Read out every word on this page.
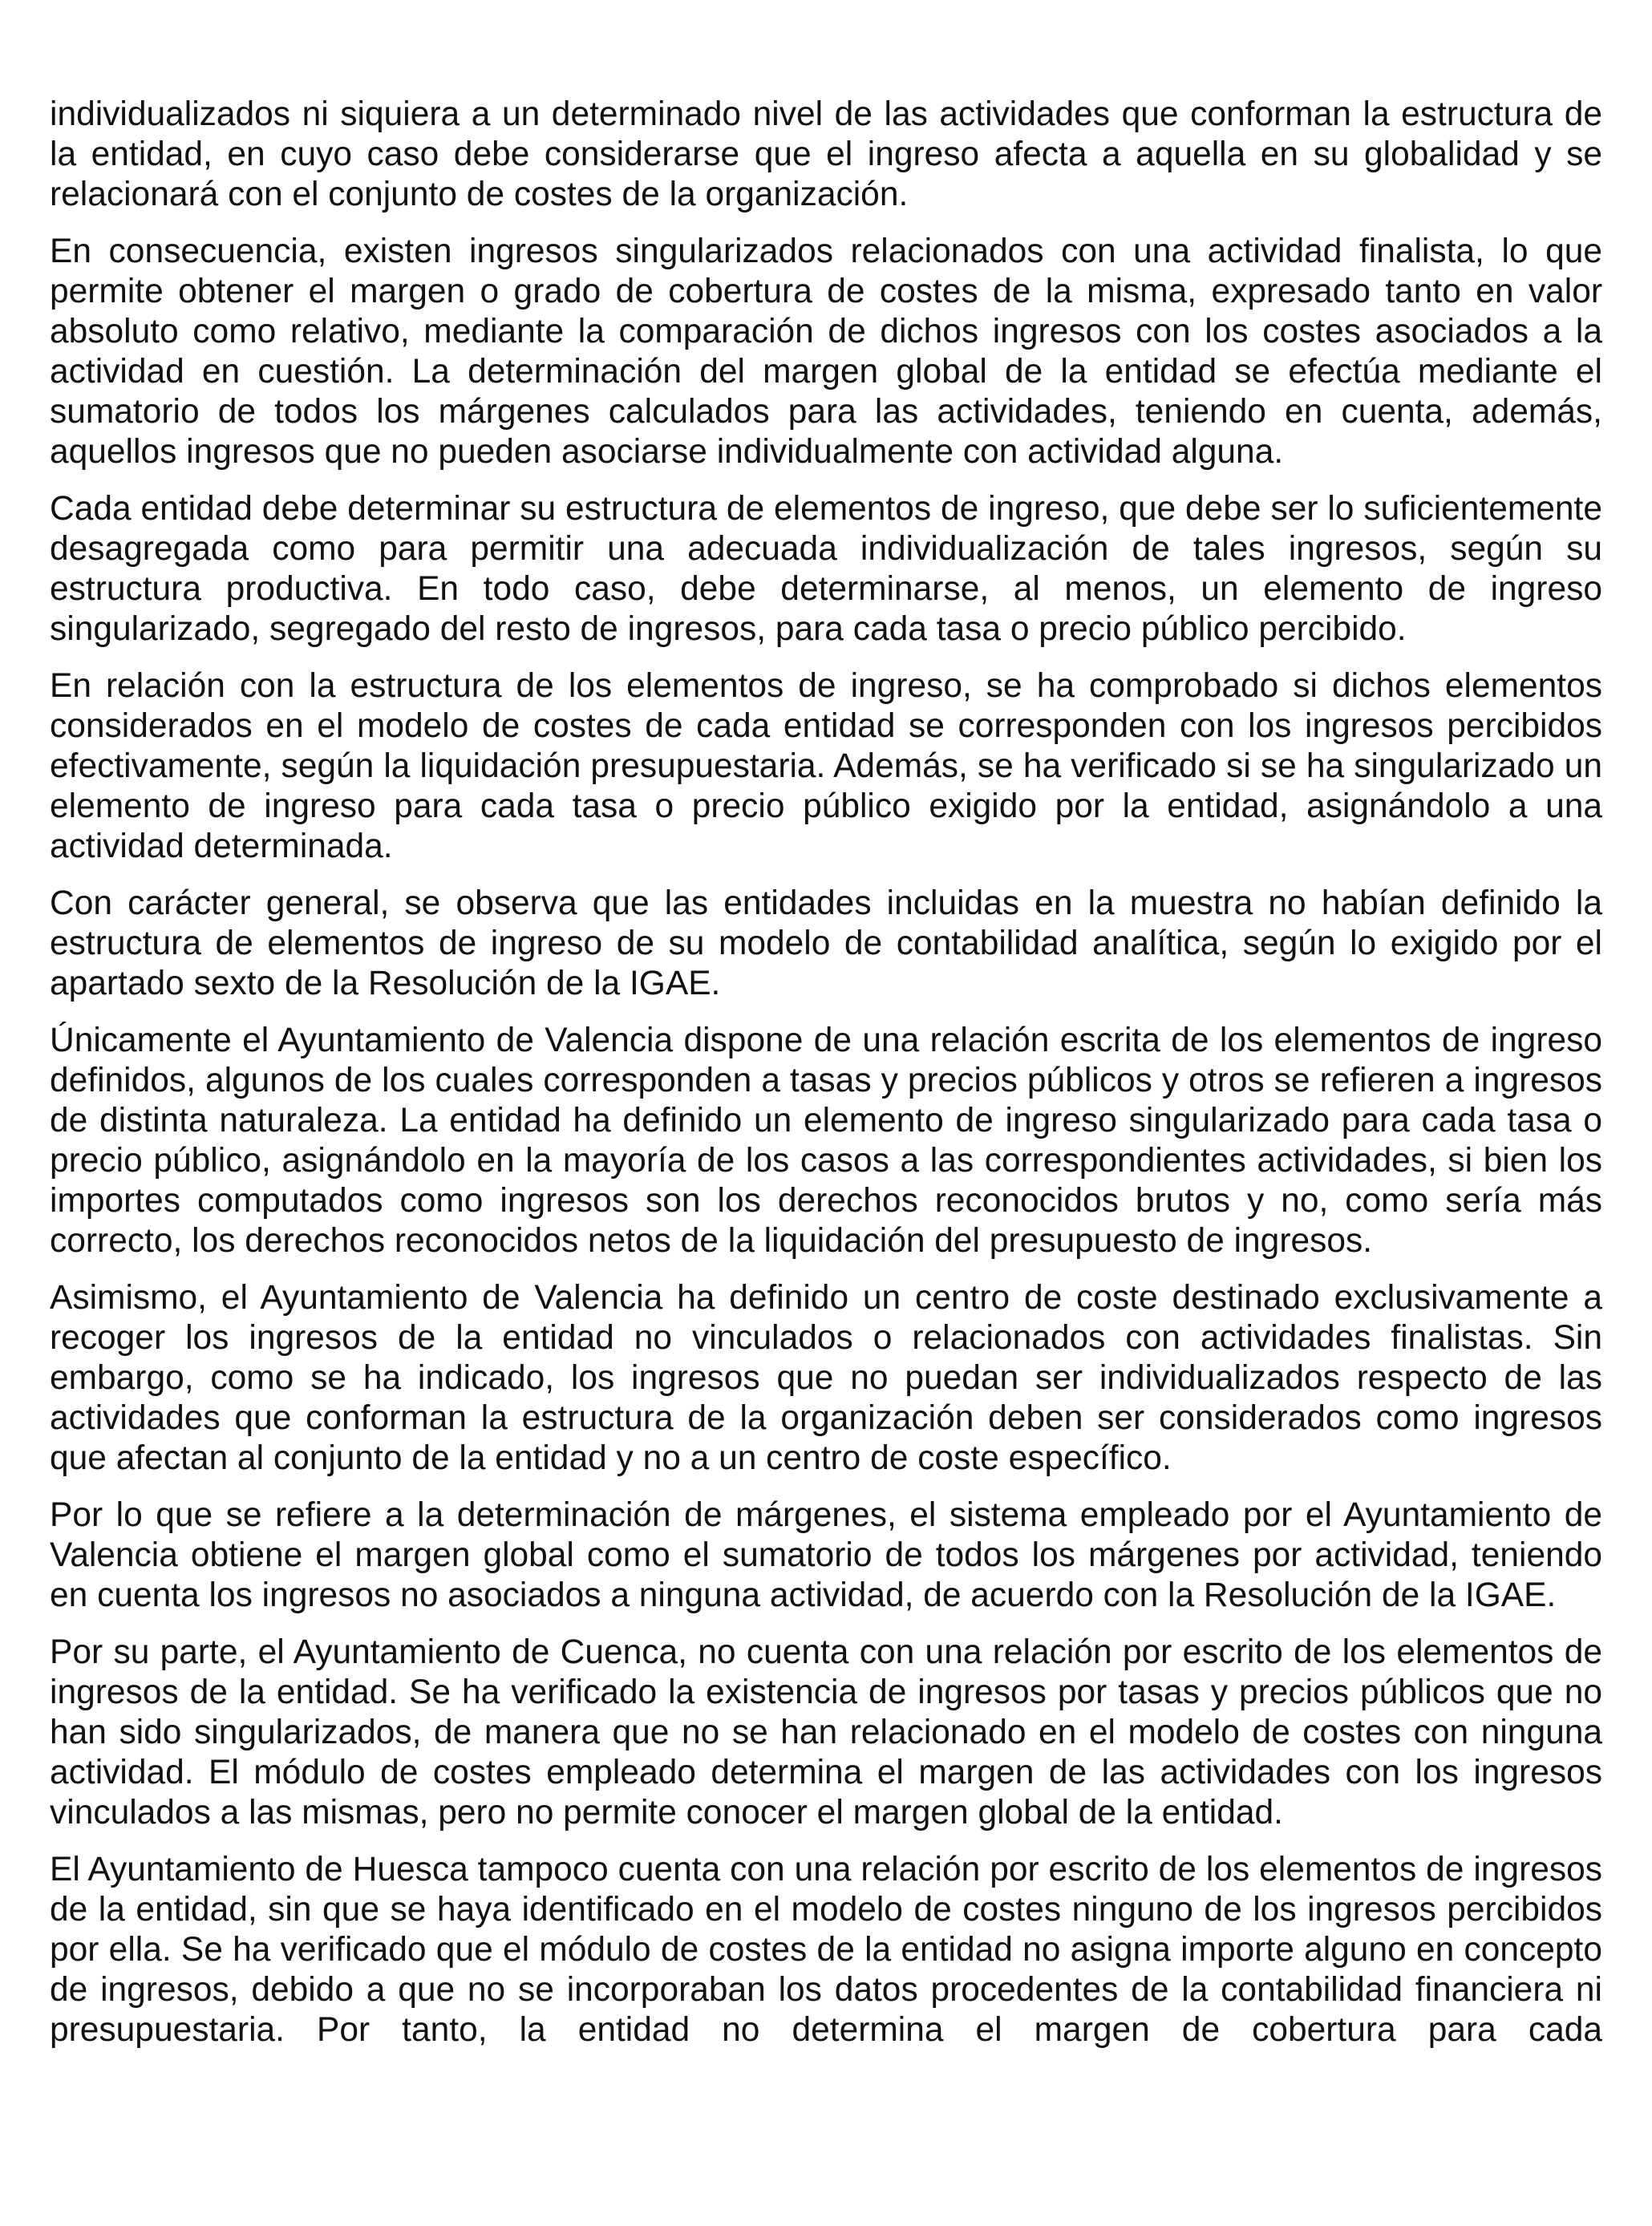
individualizados ni siquiera a un determinado nivel de las actividades que conforman la estructura de la entidad, en cuyo caso debe considerarse que el ingreso afecta a aquella en su globalidad y se relacionará con el conjunto de costes de la organización.

En consecuencia, existen ingresos singularizados relacionados con una actividad finalista, lo que permite obtener el margen o grado de cobertura de costes de la misma, expresado tanto en valor absoluto como relativo, mediante la comparación de dichos ingresos con los costes asociados a la actividad en cuestión. La determinación del margen global de la entidad se efectúa mediante el sumatorio de todos los márgenes calculados para las actividades, teniendo en cuenta, además, aquellos ingresos que no pueden asociarse individualmente con actividad alguna.

Cada entidad debe determinar su estructura de elementos de ingreso, que debe ser lo suficientemente desagregada como para permitir una adecuada individualización de tales ingresos, según su estructura productiva. En todo caso, debe determinarse, al menos, un elemento de ingreso singularizado, segregado del resto de ingresos, para cada tasa o precio público percibido.

En relación con la estructura de los elementos de ingreso, se ha comprobado si dichos elementos considerados en el modelo de costes de cada entidad se corresponden con los ingresos percibidos efectivamente, según la liquidación presupuestaria. Además, se ha verificado si se ha singularizado un elemento de ingreso para cada tasa o precio público exigido por la entidad, asignándolo a una actividad determinada.

Con carácter general, se observa que las entidades incluidas en la muestra no habían definido la estructura de elementos de ingreso de su modelo de contabilidad analítica, según lo exigido por el apartado sexto de la Resolución de la IGAE.

Únicamente el Ayuntamiento de Valencia dispone de una relación escrita de los elementos de ingreso definidos, algunos de los cuales corresponden a tasas y precios públicos y otros se refieren a ingresos de distinta naturaleza. La entidad ha definido un elemento de ingreso singularizado para cada tasa o precio público, asignándolo en la mayoría de los casos a las correspondientes actividades, si bien los importes computados como ingresos son los derechos reconocidos brutos y no, como sería más correcto, los derechos reconocidos netos de la liquidación del presupuesto de ingresos.

Asimismo, el Ayuntamiento de Valencia ha definido un centro de coste destinado exclusivamente a recoger los ingresos de la entidad no vinculados o relacionados con actividades finalistas. Sin embargo, como se ha indicado, los ingresos que no puedan ser individualizados respecto de las actividades que conforman la estructura de la organización deben ser considerados como ingresos que afectan al conjunto de la entidad y no a un centro de coste específico.

Por lo que se refiere a la determinación de márgenes, el sistema empleado por el Ayuntamiento de Valencia obtiene el margen global como el sumatorio de todos los márgenes por actividad, teniendo en cuenta los ingresos no asociados a ninguna actividad, de acuerdo con la Resolución de la IGAE.

Por su parte, el Ayuntamiento de Cuenca, no cuenta con una relación por escrito de los elementos de ingresos de la entidad. Se ha verificado la existencia de ingresos por tasas y precios públicos que no han sido singularizados, de manera que no se han relacionado en el modelo de costes con ninguna actividad. El módulo de costes empleado determina el margen de las actividades con los ingresos vinculados a las mismas, pero no permite conocer el margen global de la entidad.

El Ayuntamiento de Huesca tampoco cuenta con una relación por escrito de los elementos de ingresos de la entidad, sin que se haya identificado en el modelo de costes ninguno de los ingresos percibidos por ella. Se ha verificado que el módulo de costes de la entidad no asigna importe alguno en concepto de ingresos, debido a que no se incorporaban los datos procedentes de la contabilidad financiera ni presupuestaria. Por tanto, la entidad no determina el margen de cobertura para cada
